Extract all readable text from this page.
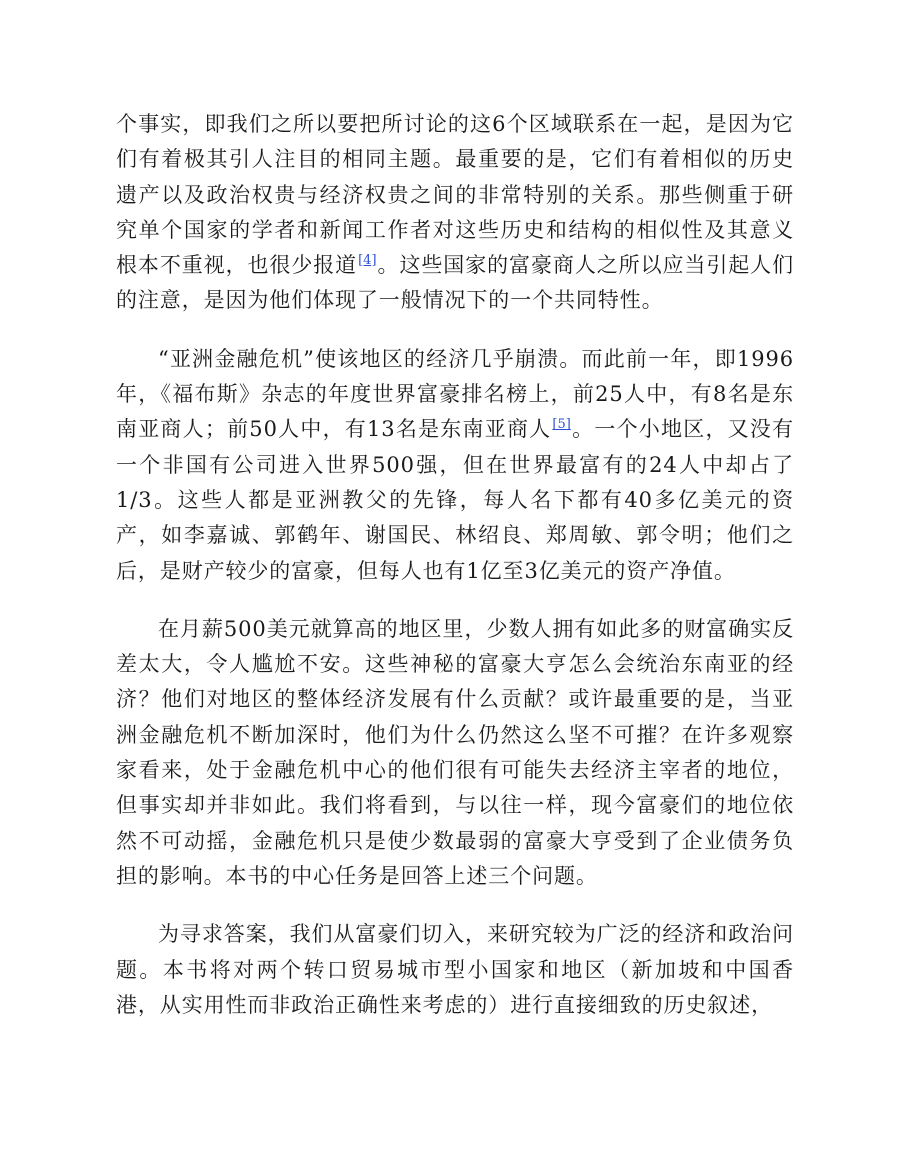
个事实，即我们之所以要把所讨论的这6个区域联系在一起，是因为它们有着极其引人注目的相同主题。最重要的是，它们有着相似的历史遗产以及政治权贵与经济权贵之间的非常特别的关系。那些侧重于研究单个国家的学者和新闻工作者对这些历史和结构的相似性及其意义根本不重视，也很少报道[4]。这些国家的富豪商人之所以应当引起人们的注意，是因为他们体现了一般情况下的一个共同特性。

“亚洲金融危机”使该地区的经济几乎崩溃。而此前一年，即1996年，《福布斯》杂志的年度世界富豪排名榜上，前25人中，有8名是东南亚商人；前50人中，有13名是东南亚商人[5]。一个小地区，又没有一个非国有公司进入世界500强，但在世界最富有的24人中却占了1/3。这些人都是亚洲教父的先锋，每人名下都有40多亿美元的资产，如李嘉诚、郭鹤年、谢国民、林绍良、郑周敏、郭令明；他们之后，是财产较少的富豪，但每人也有1亿至3亿美元的资产净值。

在月薪500美元就算高的地区里，少数人拥有如此多的财富确实反差太大，令人尴尬不安。这些神秘的富豪大亨怎么会统治东南亚的经济？他们对地区的整体经济发展有什么贡献？或许最重要的是，当亚洲金融危机不断加深时，他们为什么仍然这么坚不可摧？在许多观察家看来，处于金融危机中心的他们很有可能失去经济主宰者的地位，但事实却并非如此。我们将看到，与以往一样，现今富豪们的地位依然不可动摇，金融危机只是使少数最弱的富豪大亨受到了企业债务负担的影响。本书的中心任务是回答上述三个问题。

为寻求答案，我们从富豪们切入，来研究较为广泛的经济和政治问题。本书将对两个转口贸易城市型小国家和地区（新加坡和中国香港，从实用性而非政治正确性来考虑的）进行直接细致的历史叙述，
